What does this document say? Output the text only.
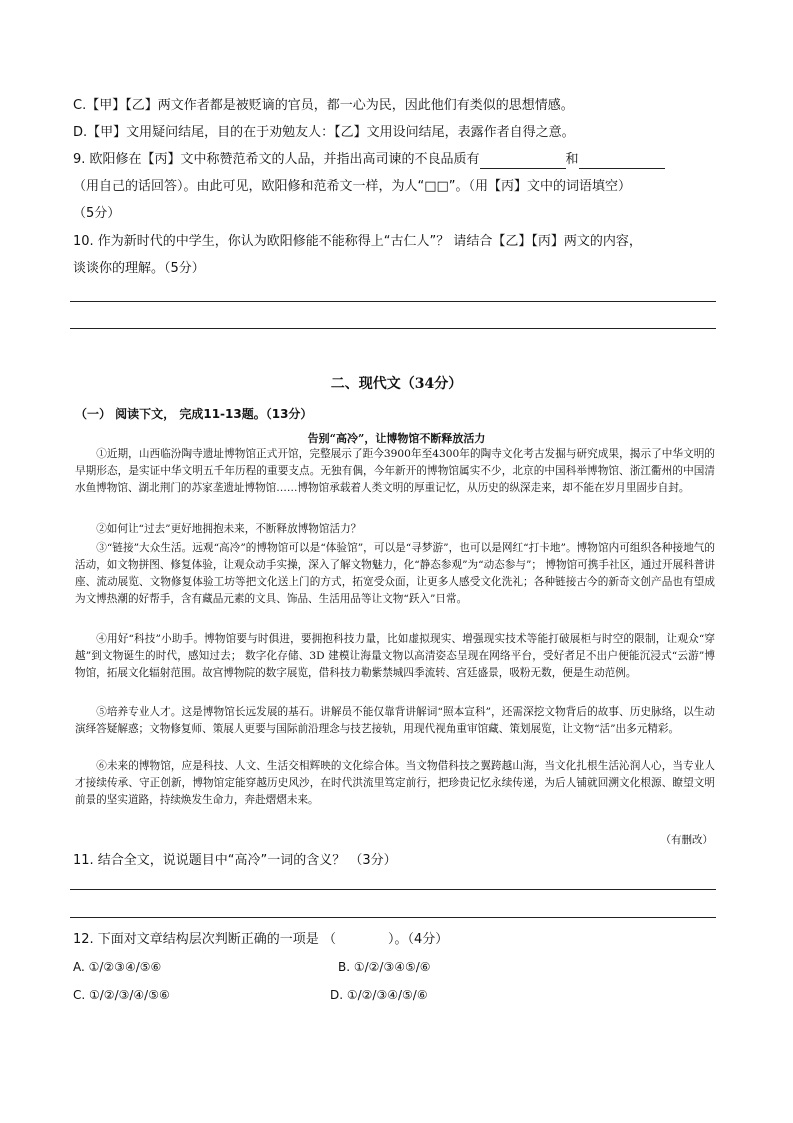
C.【甲】【乙】两文作者都是被贬谪的官员，都一心为民，因此他们有类似的思想情感。
D.【甲】文用疑问结尾，目的在于劝勉友人：【乙】文用设问结尾，表露作者自得之意。
9. 欧阳修在【丙】文中称赞范希文的人品，并指出高司谏的不良品质有	和
（用自己的话回答）。由此可见，欧阳修和范希文一样，为人“□□”。（用【丙】文中的词语填空）
（5分）
10. 作为新时代的中学生，你认为欧阳修能不能称得上“古仁人”？ 请结合【乙】【丙】两文的内容，
谈谈你的理解。（5分）
二、现代文（34分）
（一） 阅读下文， 完成11-13题。（13分）
告别“高冷”，让博物馆不断释放活力
①近期，山西临汾陶寺遗址博物馆正式开馆，完整展示了距今3900年至4300年的陶寺文化考古发掘与研究成果，揭示了中华文明的早期形态，是实证中华文明五千年历程的重要支点。无独有偶，今年新开的博物馆属实不少，北京的中国科举博物馆、浙江衢州的中国清水鱼博物馆、湖北荆门的苏家垄遗址博物馆……博物馆承载着人类文明的厚重记忆，从历史的纵深走来，却不能在岁月里固步自封。
②如何让“过去”更好地拥抱未来，不断释放博物馆活力？
③“链接”大众生活。远观“高冷”的博物馆可以是“体验馆”，可以是“寻梦游”，也可以是网红“打卡地”。博物馆内可组织各种接地气的活动，如文物拼图、修复体验，让观众动手实操，深入了解文物魅力，化“静态参观”为“动态参与”； 博物馆可携手社区，通过开展科普讲座、流动展览、文物修复体验工坊等把文化送上门的方式，拓宽受众面，让更多人感受文化洗礼；各种链接古今的新奇文创产品也有望成为文博热潮的好帮手，含有藏品元素的文具、饰品、生活用品等让文物“跃入”日常。
④用好“科技”小助手。博物馆要与时俱进，要拥抱科技力量，比如虚拟现实、增强现实技术等能打破展柜与时空的限制，让观众“穿越”到文物诞生的时代，感知过去； 数字化存储、3D 建模让海量文物以高清姿态呈现在网络平台，受好者足不出户便能沉浸式“云游”博物馆，拓展文化辐射范围。故宫博物院的数字展览，借科技力勒紫禁城四季流转、宫廷盛景，吸粉无数，便是生动范例。
⑤培养专业人才。这是博物馆长远发展的基石。讲解员不能仅靠背讲解词“照本宣科”，还需深挖文物背后的故事、历史脉络，以生动演绎答疑解惑；文物修复师、策展人更要与国际前沿理念与技艺接轨，用现代视角重审馆藏、策划展览，让文物“活”出多元精彩。
⑥未来的博物馆，应是科技、人文、生活交相辉映的文化综合体。当文物借科技之翼跨越山海，当文化扎根生活沁润人心，当专业人才接续传承、守正创新，博物馆定能穿越历史风沙，在时代洪流里笃定前行，把珍贵记忆永续传递，为后人铺就回溯文化根源、瞭望文明前景的坚实道路，持续焕发生命力，奔赴熠熠未来。
（有删改）
11. 结合全文，说说题目中“高冷”一词的含义？ （3分）
12. 下面对文章结构层次判断正确的一项是 （　　　　）。（4分）
A. ①/②③④/⑤⑥	B. ①/②/③④⑤/⑥
C. ①/②/③/④/⑤⑥	D. ①/②/③④/⑤/⑥
